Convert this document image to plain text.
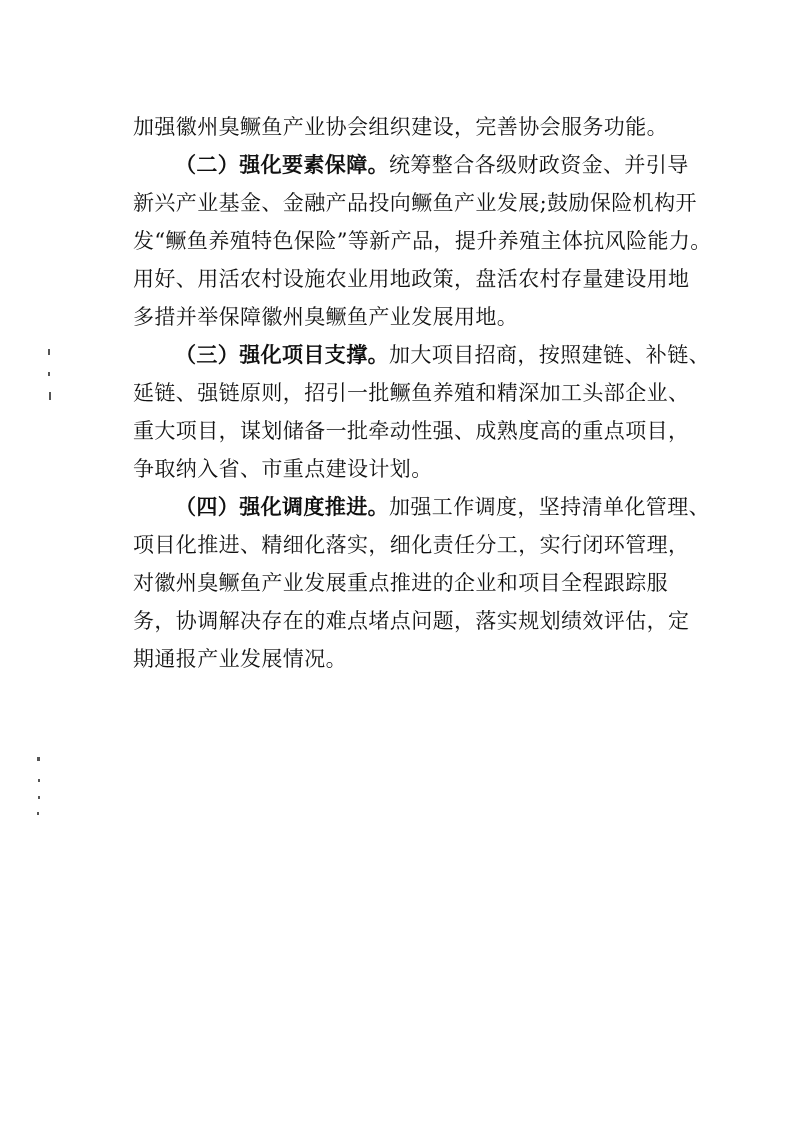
加强徽州臭鳜鱼产业协会组织建设，完善协会服务功能。
（二）强化要素保障。统筹整合各级财政资金、并引导
新兴产业基金、金融产品投向鳜鱼产业发展;鼓励保险机构开
发“鳜鱼养殖特色保险”等新产品，提升养殖主体抗风险能力。
用好、用活农村设施农业用地政策，盘活农村存量建设用地
多措并举保障徽州臭鳜鱼产业发展用地。
（三）强化项目支撑。加大项目招商，按照建链、补链、
延链、强链原则，招引一批鳜鱼养殖和精深加工头部企业、
重大项目，谋划储备一批牵动性强、成熟度高的重点项目，
争取纳入省、市重点建设计划。
（四）强化调度推进。加强工作调度，坚持清单化管理、
项目化推进、精细化落实，细化责任分工，实行闭环管理，
对徽州臭鳜鱼产业发展重点推进的企业和项目全程跟踪服
务，协调解决存在的难点堵点问题，落实规划绩效评估，定
期通报产业发展情况。
